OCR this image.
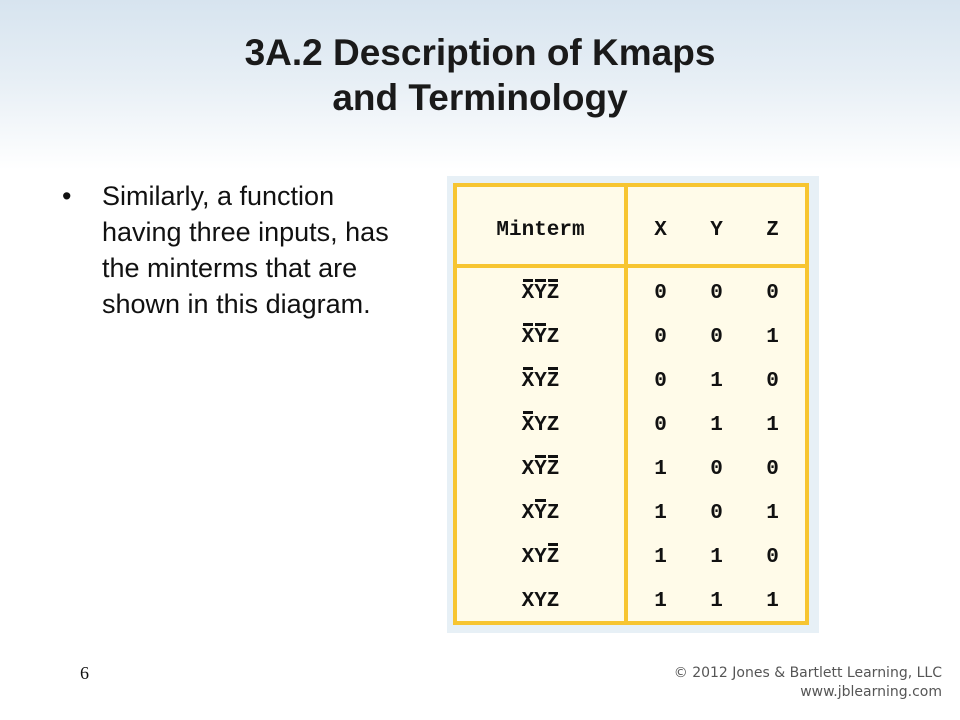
3A.2 Description of Kmaps
and Terminology
•	Similarly, a function having three inputs, has the minterms that are shown in this diagram.
Minterm	X Y Z
XYZ	0 0 0
XYZ	0 0 1
XYZ	0 1 0
XYZ	0 1 1
XYZ	1 0 0
XYZ	1 0 1
XYZ	1 1 0
XYZ	1 1 1
6	© 2012 Jones & Bartlett Learning, LLC
www.jblearning.com
